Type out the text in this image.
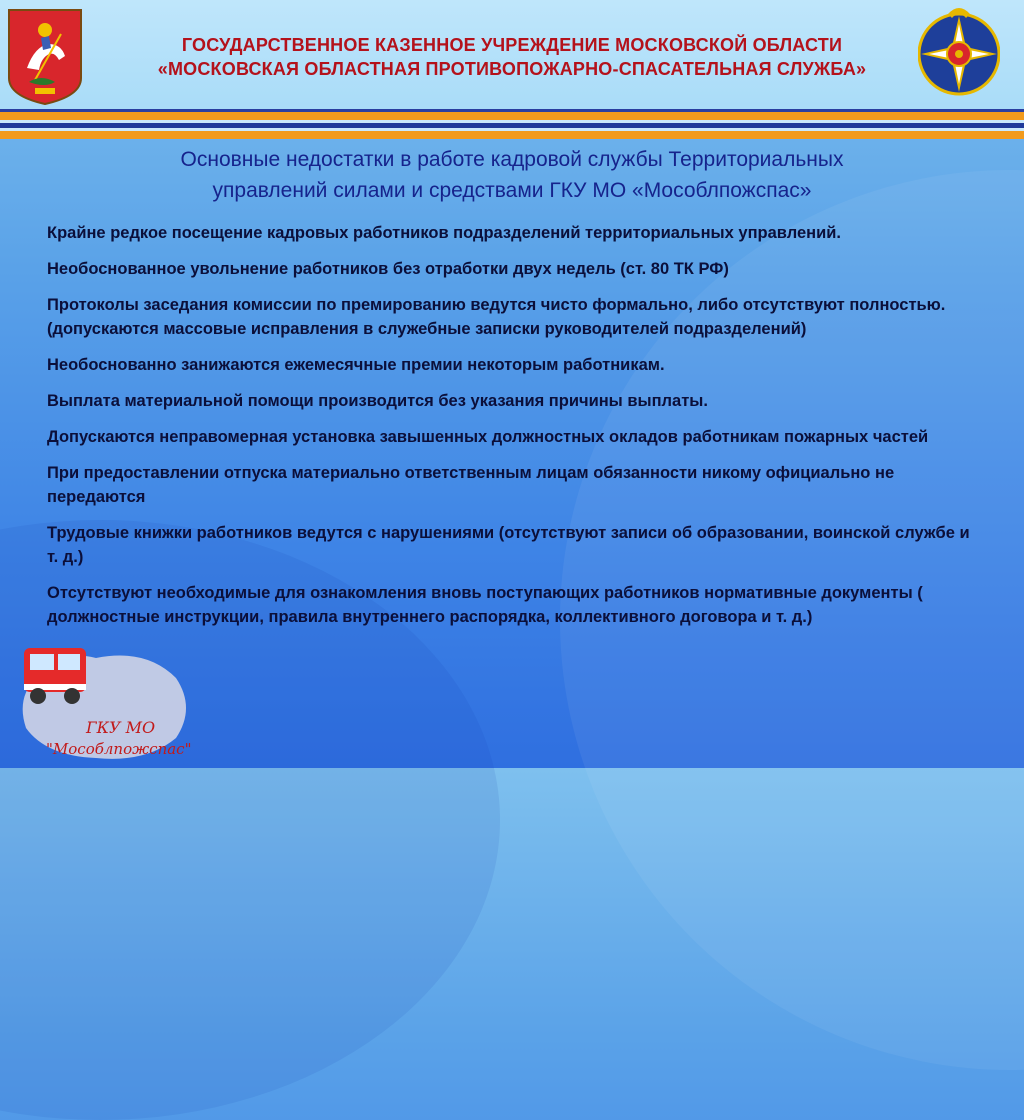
ГОСУДАРСТВЕННОЕ КАЗЕННОЕ УЧРЕЖДЕНИЕ МОСКОВСКОЙ ОБЛАСТИ
«МОСКОВСКАЯ ОБЛАСТНАЯ ПРОТИВОПОЖАРНО-СПАСАТЕЛЬНАЯ СЛУЖБА»
Основные недостатки в работе кадровой службы Территориальных
управлений силами и средствами ГКУ МО «Мособлпожспас»
ГКУ МО
"Мособлпожспас"
Крайне редкое посещение кадровых работников подразделений территориальных управлений.
Необоснованное увольнение работников без отработки двух недель (ст. 80 ТК РФ)
Протоколы заседания комиссии по премированию ведутся чисто формально, либо отсутствуют полностью. (допускаются массовые исправления в служебные записки руководителей подразделений)
Необоснованно занижаются ежемесячные премии некоторым работникам.
Выплата материальной помощи производится без указания причины выплаты.
Допускаются неправомерная установка завышенных должностных окладов работникам пожарных частей
При предоставлении отпуска материально ответственным лицам обязанности никому официально не передаются
Трудовые книжки работников ведутся с нарушениями (отсутствуют записи об образовании, воинской службе и т. д.)
Отсутствуют необходимые для ознакомления вновь поступающих работников нормативные документы ( должностные инструкции, правила внутреннего распорядка, коллективного договора и т. д.)
